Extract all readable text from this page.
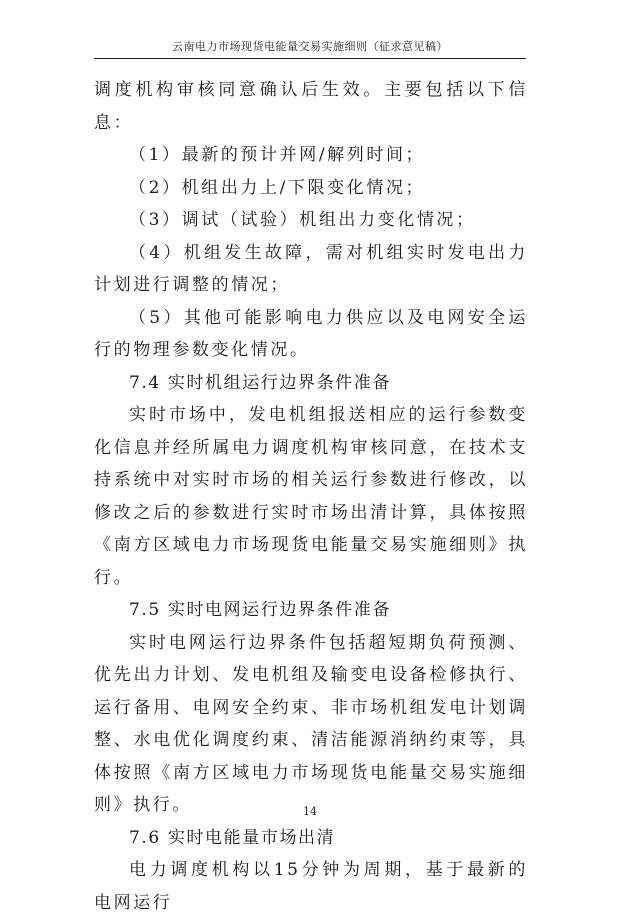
云南电力市场现货电能量交易实施细则（征求意见稿）

调度机构审核同意确认后生效。主要包括以下信息：

（1）最新的预计并网/解列时间；

（2）机组出力上/下限变化情况；

（3）调试（试验）机组出力变化情况；

（4）机组发生故障，需对机组实时发电出力计划进行调整的情况；

（5）其他可能影响电力供应以及电网安全运行的物理参数变化情况。

7.4 实时机组运行边界条件准备

实时市场中，发电机组报送相应的运行参数变化信息并经所属电力调度机构审核同意，在技术支持系统中对实时市场的相关运行参数进行修改，以修改之后的参数进行实时市场出清计算，具体按照《南方区域电力市场现货电能量交易实施细则》执行。

7.5 实时电网运行边界条件准备

实时电网运行边界条件包括超短期负荷预测、优先出力计划、发电机组及输变电设备检修执行、运行备用、电网安全约束、非市场机组发电计划调整、水电优化调度约束、清洁能源消纳约束等，具体按照《南方区域电力市场现货电能量交易实施细则》执行。

7.6 实时电能量市场出清

电力调度机构以15分钟为周期，基于最新的电网运行

14
